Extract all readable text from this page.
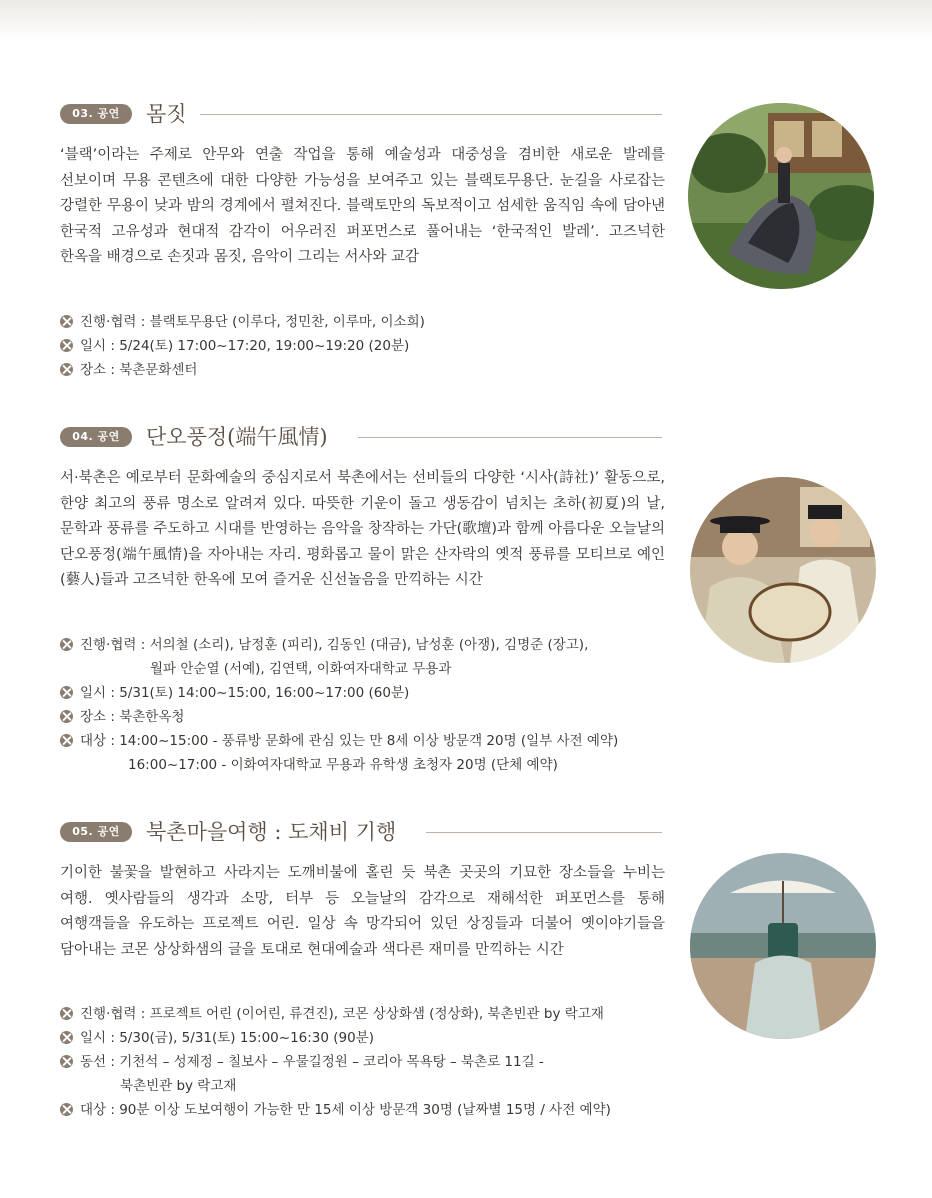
03. 공연	몸짓
‘블랙’이라는 주제로 안무와 연출 작업을 통해 예술성과 대중성을 겸비한 새로운 발레를 선보이며 무용 콘텐츠에 대한 다양한 가능성을 보여주고 있는 블랙토무용단. 눈길을 사로잡는 강렬한 무용이 낮과 밤의 경계에서 펼쳐진다. 블랙토만의 독보적이고 섬세한 움직임 속에 담아낸 한국적 고유성과 현대적 감각이 어우러진 퍼포먼스로 풀어내는 ‘한국적인 발레’. 고즈넉한 한옥을 배경으로 손짓과 몸짓, 음악이 그리는 서사와 교감
진행·협력 : 블랙토무용단 (이루다, 정민찬, 이루마, 이소희)
일시 : 5/24(토) 17:00~17:20, 19:00~19:20 (20분)
장소 : 북촌문화센터
04. 공연	단오풍정(端午風情)
서·북촌은 예로부터 문화예술의 중심지로서 북촌에서는 선비들의 다양한 ‘시사(詩社)’ 활동으로, 한양 최고의 풍류 명소로 알려져 있다. 따뜻한 기운이 돌고 생동감이 넘치는 초하(初夏)의 날, 문학과 풍류를 주도하고 시대를 반영하는 음악을 창작하는 가단(歌壇)과 함께 아름다운 오늘날의 단오풍정(端午風情)을 자아내는 자리. 평화롭고 물이 맑은 산자락의 옛적 풍류를 모티브로 예인(藝人)들과 고즈넉한 한옥에 모여 즐거운 신선놀음을 만끽하는 시간
진행·협력 : 서의철 (소리), 남정훈 (피리), 김동인 (대금), 남성훈 (아쟁), 김명준 (장고),
월파 안순열 (서예), 김연택, 이화여자대학교 무용과
일시 : 5/31(토) 14:00~15:00, 16:00~17:00 (60분)
장소 : 북촌한옥청
대상 : 14:00~15:00 - 풍류방 문화에 관심 있는 만 8세 이상 방문객 20명 (일부 사전 예약)
16:00~17:00 - 이화여자대학교 무용과 유학생 초청자 20명 (단체 예약)
05. 공연	북촌마을여행 : 도채비 기행
기이한 불꽃을 발현하고 사라지는 도깨비불에 홀린 듯 북촌 곳곳의 기묘한 장소들을 누비는 여행. 옛사람들의 생각과 소망, 터부 등 오늘날의 감각으로 재해석한 퍼포먼스를 통해 여행객들을 유도하는 프로젝트 어린. 일상 속 망각되어 있던 상징들과 더불어 옛이야기들을 담아내는 코몬 상상화샘의 글을 토대로 현대예술과 색다른 재미를 만끽하는 시간
진행·협력 : 프로젝트 어린 (이어린, 류견진), 코몬 상상화샘 (정상화), 북촌빈관 by 락고재
일시 : 5/30(금), 5/31(토) 15:00~16:30 (90분)
동선 : 기천석 – 성제정 – 칠보사 – 우물길정원 – 코리아 목욕탕 – 북촌로 11길 -
북촌빈관 by 락고재
대상 : 90분 이상 도보여행이 가능한 만 15세 이상 방문객 30명 (날짜별 15명 / 사전 예약)
